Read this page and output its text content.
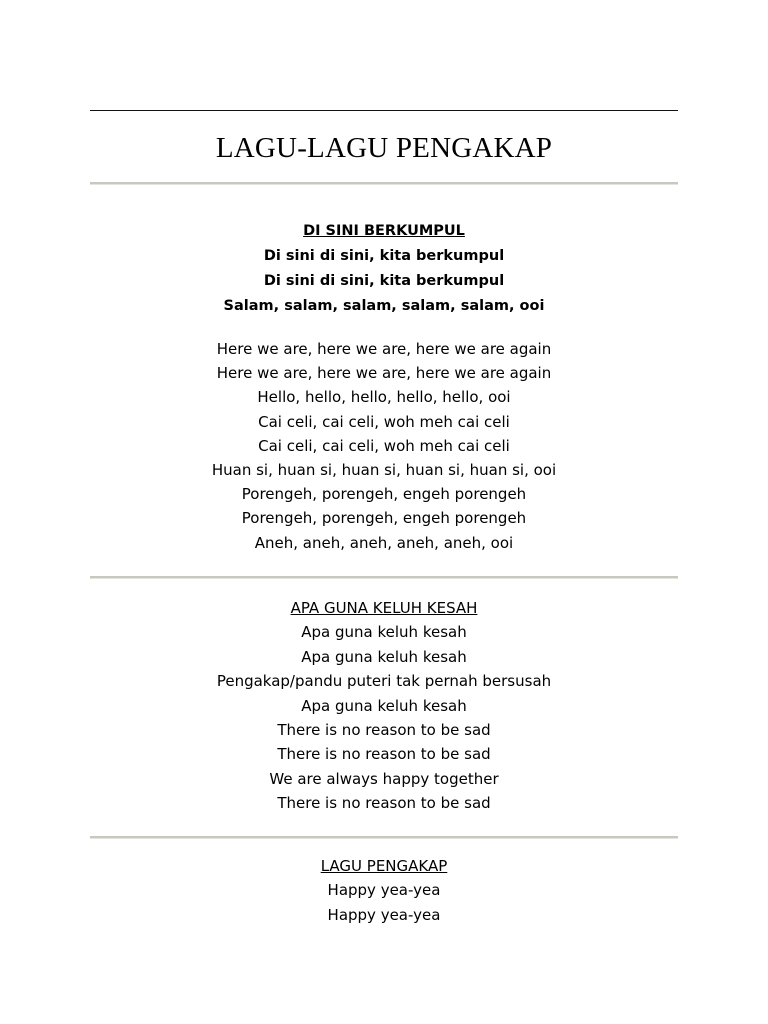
LAGU-LAGU PENGAKAP
DI SINI BERKUMPUL
Di sini di sini, kita berkumpul
Di sini di sini, kita berkumpul
Salam, salam, salam, salam, salam, ooi
Here we are, here we are, here we are again
Here we are, here we are, here we are again
Hello, hello, hello, hello, hello, ooi
Cai celi, cai celi, woh meh cai celi
Cai celi, cai celi, woh meh cai celi
Huan si, huan si, huan si, huan si, huan si, ooi
Porengeh, porengeh, engeh porengeh
Porengeh, porengeh, engeh porengeh
Aneh, aneh, aneh, aneh, aneh, ooi
APA GUNA KELUH KESAH
Apa guna keluh kesah
Apa guna keluh kesah
Pengakap/pandu puteri tak pernah bersusah
Apa guna keluh kesah
There is no reason to be sad
There is no reason to be sad
We are always happy together
There is no reason to be sad
LAGU PENGAKAP
Happy yea-yea
Happy yea-yea
